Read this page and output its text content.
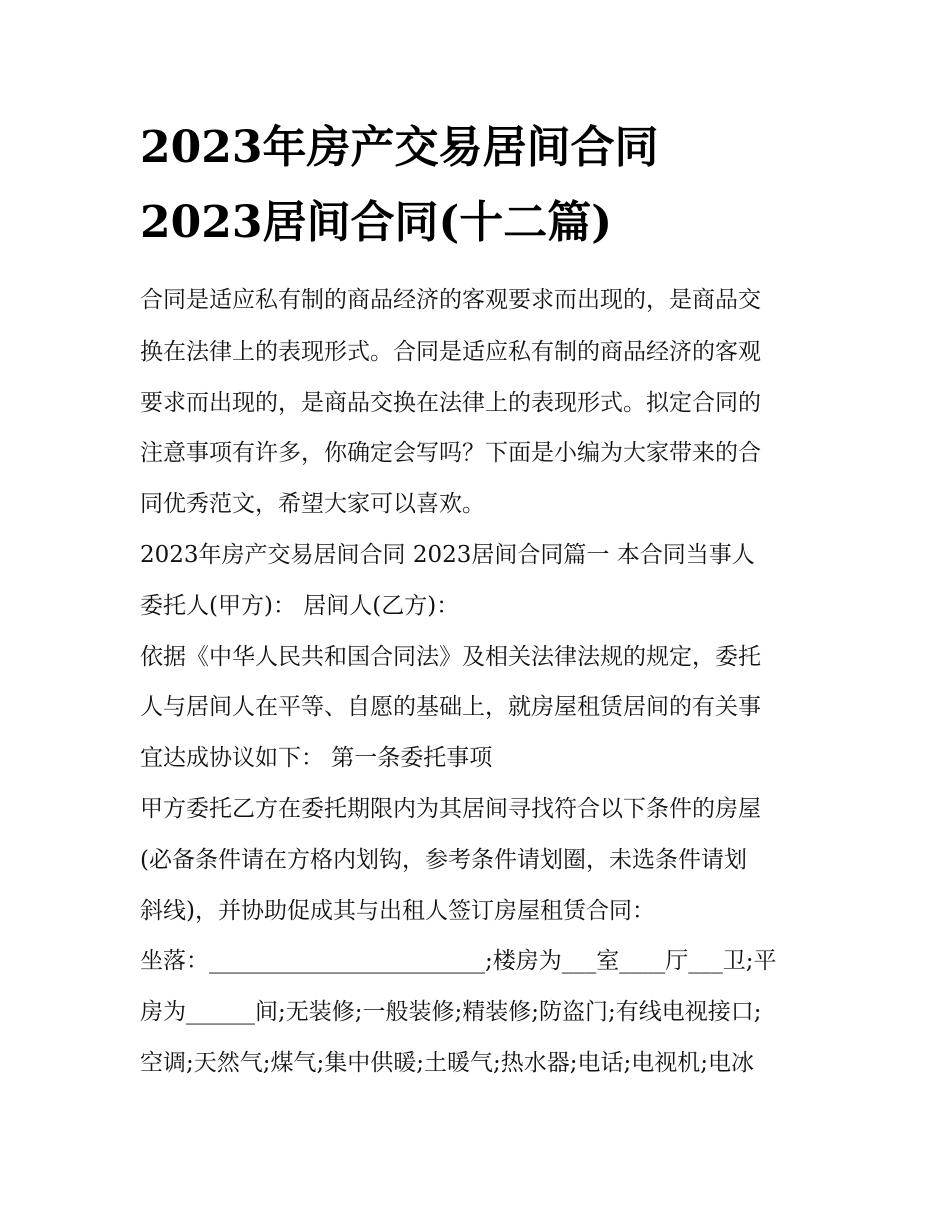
2023年房产交易居间合同
2023居间合同(十二篇)
合同是适应私有制的商品经济的客观要求而出现的，是商品交
换在法律上的表现形式。合同是适应私有制的商品经济的客观
要求而出现的，是商品交换在法律上的表现形式。拟定合同的
注意事项有许多，你确定会写吗？下面是小编为大家带来的合
同优秀范文，希望大家可以喜欢。
2023年房产交易居间合同 2023居间合同篇一 本合同当事人
委托人(甲方)： 居间人(乙方)：
依据《中华人民共和国合同法》及相关法律法规的规定，委托
人与居间人在平等、自愿的基础上，就房屋租赁居间的有关事
宜达成协议如下： 第一条委托事项
甲方委托乙方在委托期限内为其居间寻找符合以下条件的房屋
(必备条件请在方格内划钩，参考条件请划圈，未选条件请划
斜线)，并协助促成其与出租人签订房屋租赁合同：
坐落：________________________;楼房为___室____厅___卫;平
房为______间;无装修;一般装修;精装修;防盗门;有线电视接口;
空调;天然气;煤气;集中供暖;土暖气;热水器;电话;电视机;电冰
